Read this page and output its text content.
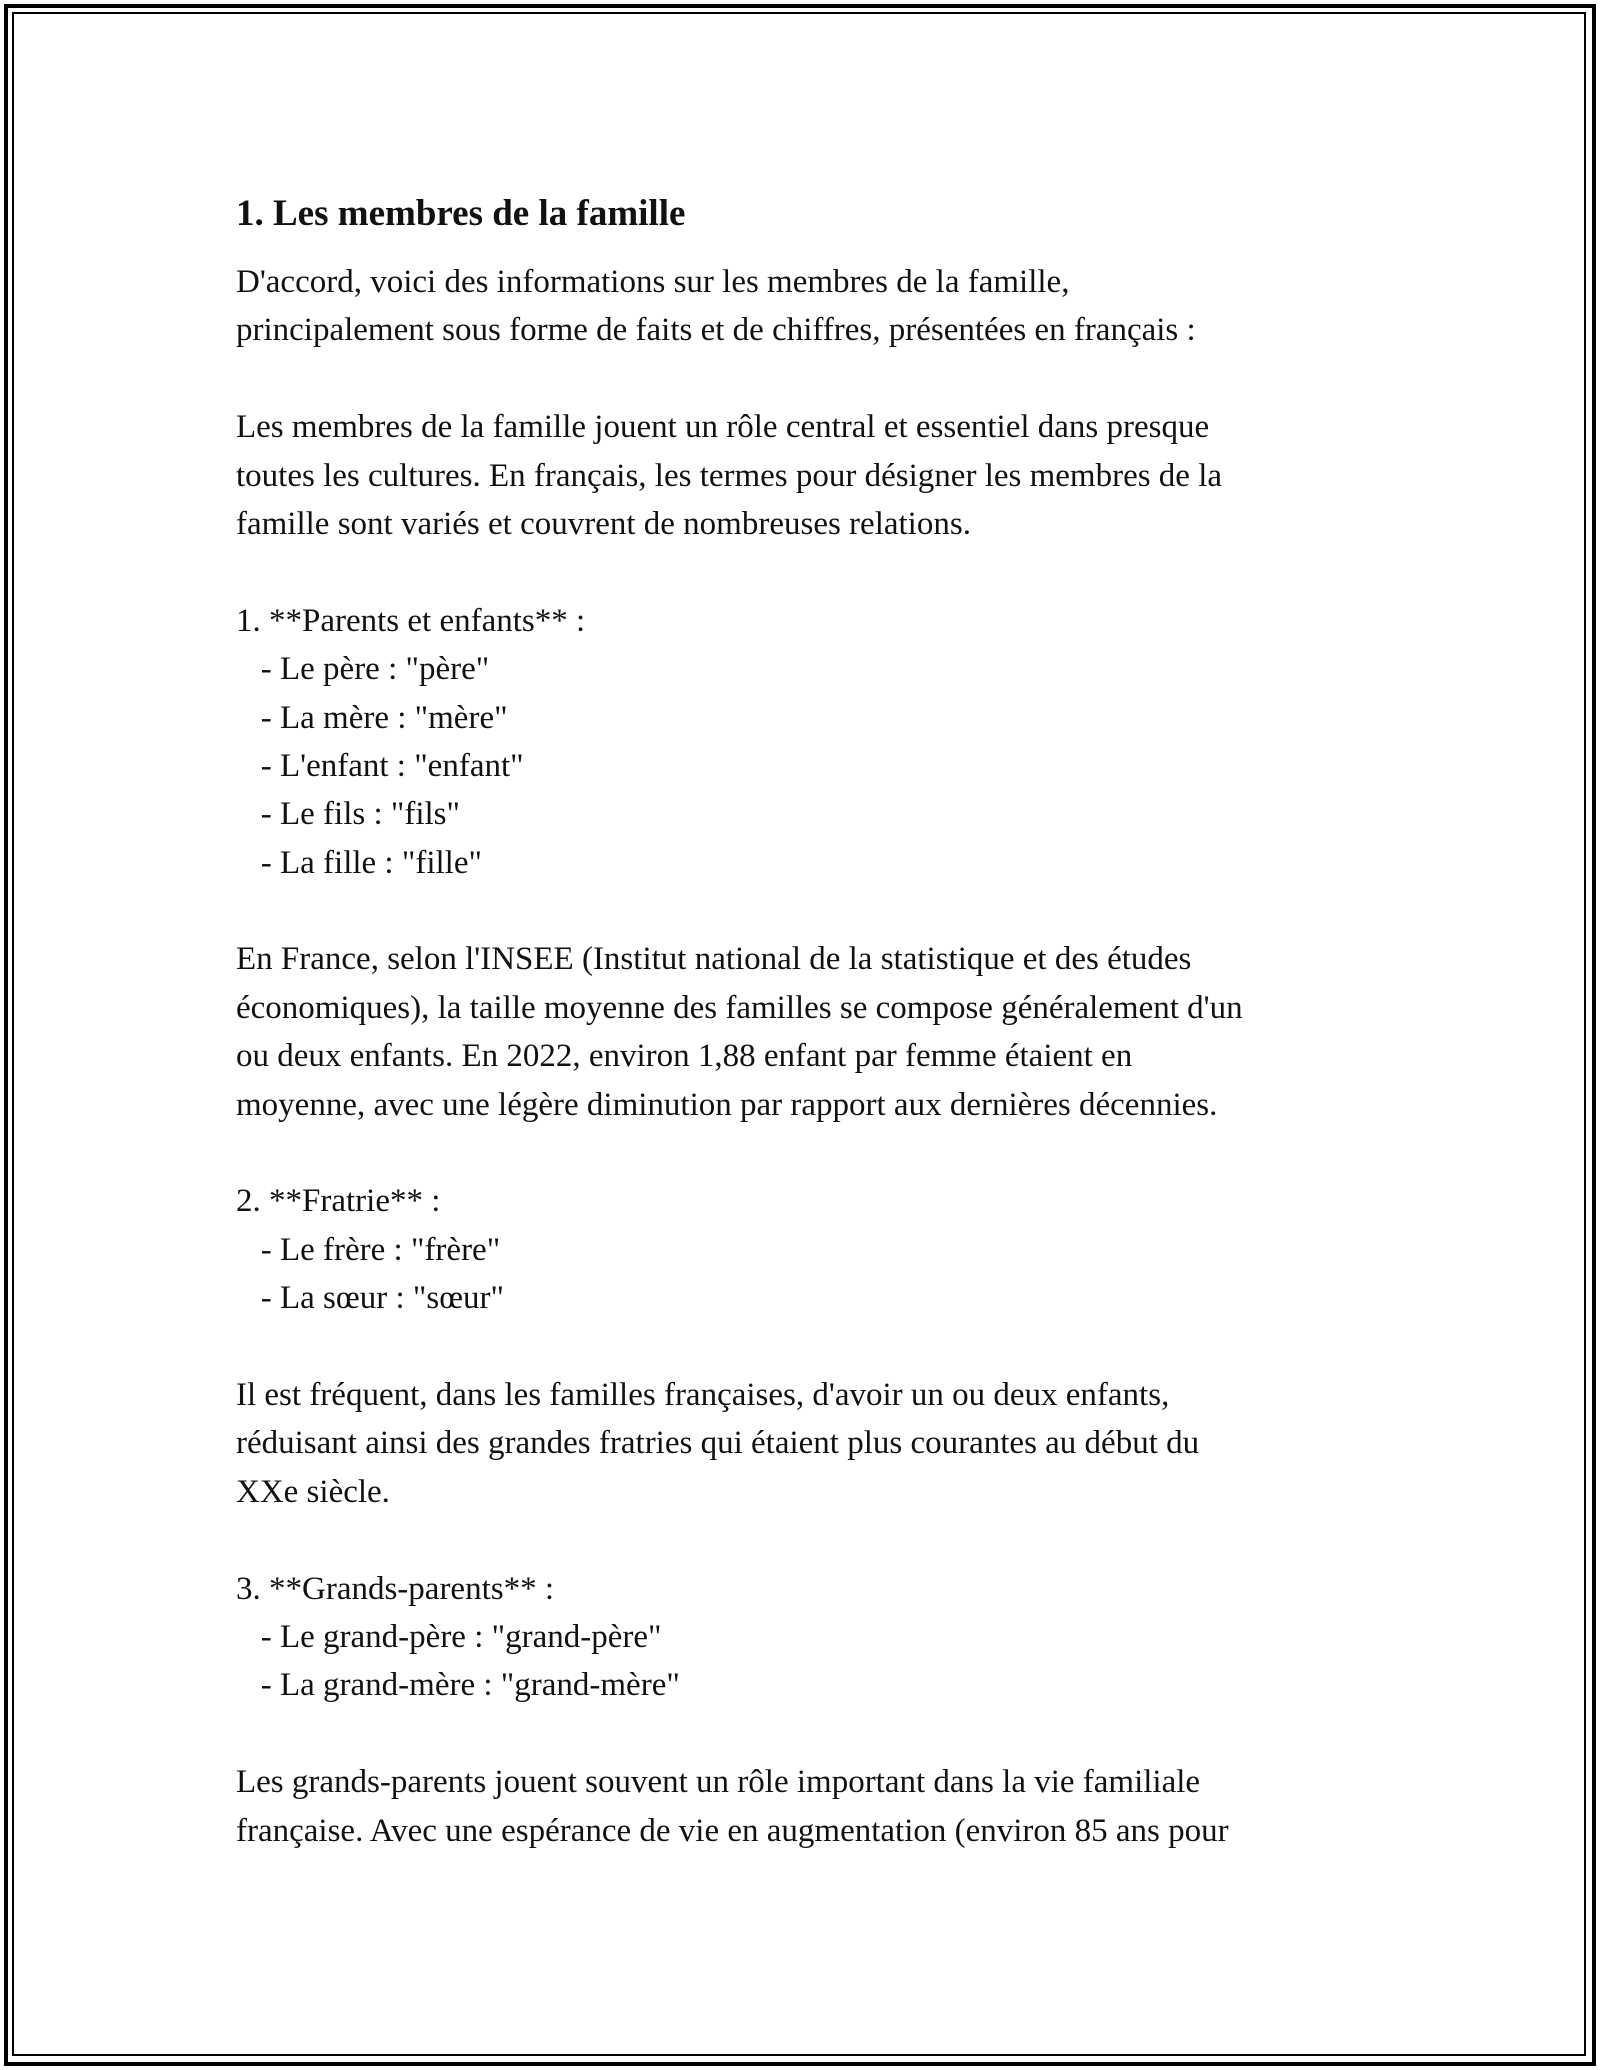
1. Les membres de la famille
D'accord, voici des informations sur les membres de la famille,
principalement sous forme de faits et de chiffres, présentées en français :
Les membres de la famille jouent un rôle central et essentiel dans presque
toutes les cultures. En français, les termes pour désigner les membres de la
famille sont variés et couvrent de nombreuses relations.
1. **Parents et enfants** :
- Le père : "père"
- La mère : "mère"
- L'enfant : "enfant"
- Le fils : "fils"
- La fille : "fille"
En France, selon l'INSEE (Institut national de la statistique et des études
économiques), la taille moyenne des familles se compose généralement d'un
ou deux enfants. En 2022, environ 1,88 enfant par femme étaient en
moyenne, avec une légère diminution par rapport aux dernières décennies.
2. **Fratrie** :
- Le frère : "frère"
- La sœur : "sœur"
Il est fréquent, dans les familles françaises, d'avoir un ou deux enfants,
réduisant ainsi des grandes fratries qui étaient plus courantes au début du
XXe siècle.
3. **Grands-parents** :
- Le grand-père : "grand-père"
- La grand-mère : "grand-mère"
Les grands-parents jouent souvent un rôle important dans la vie familiale
française. Avec une espérance de vie en augmentation (environ 85 ans pour
